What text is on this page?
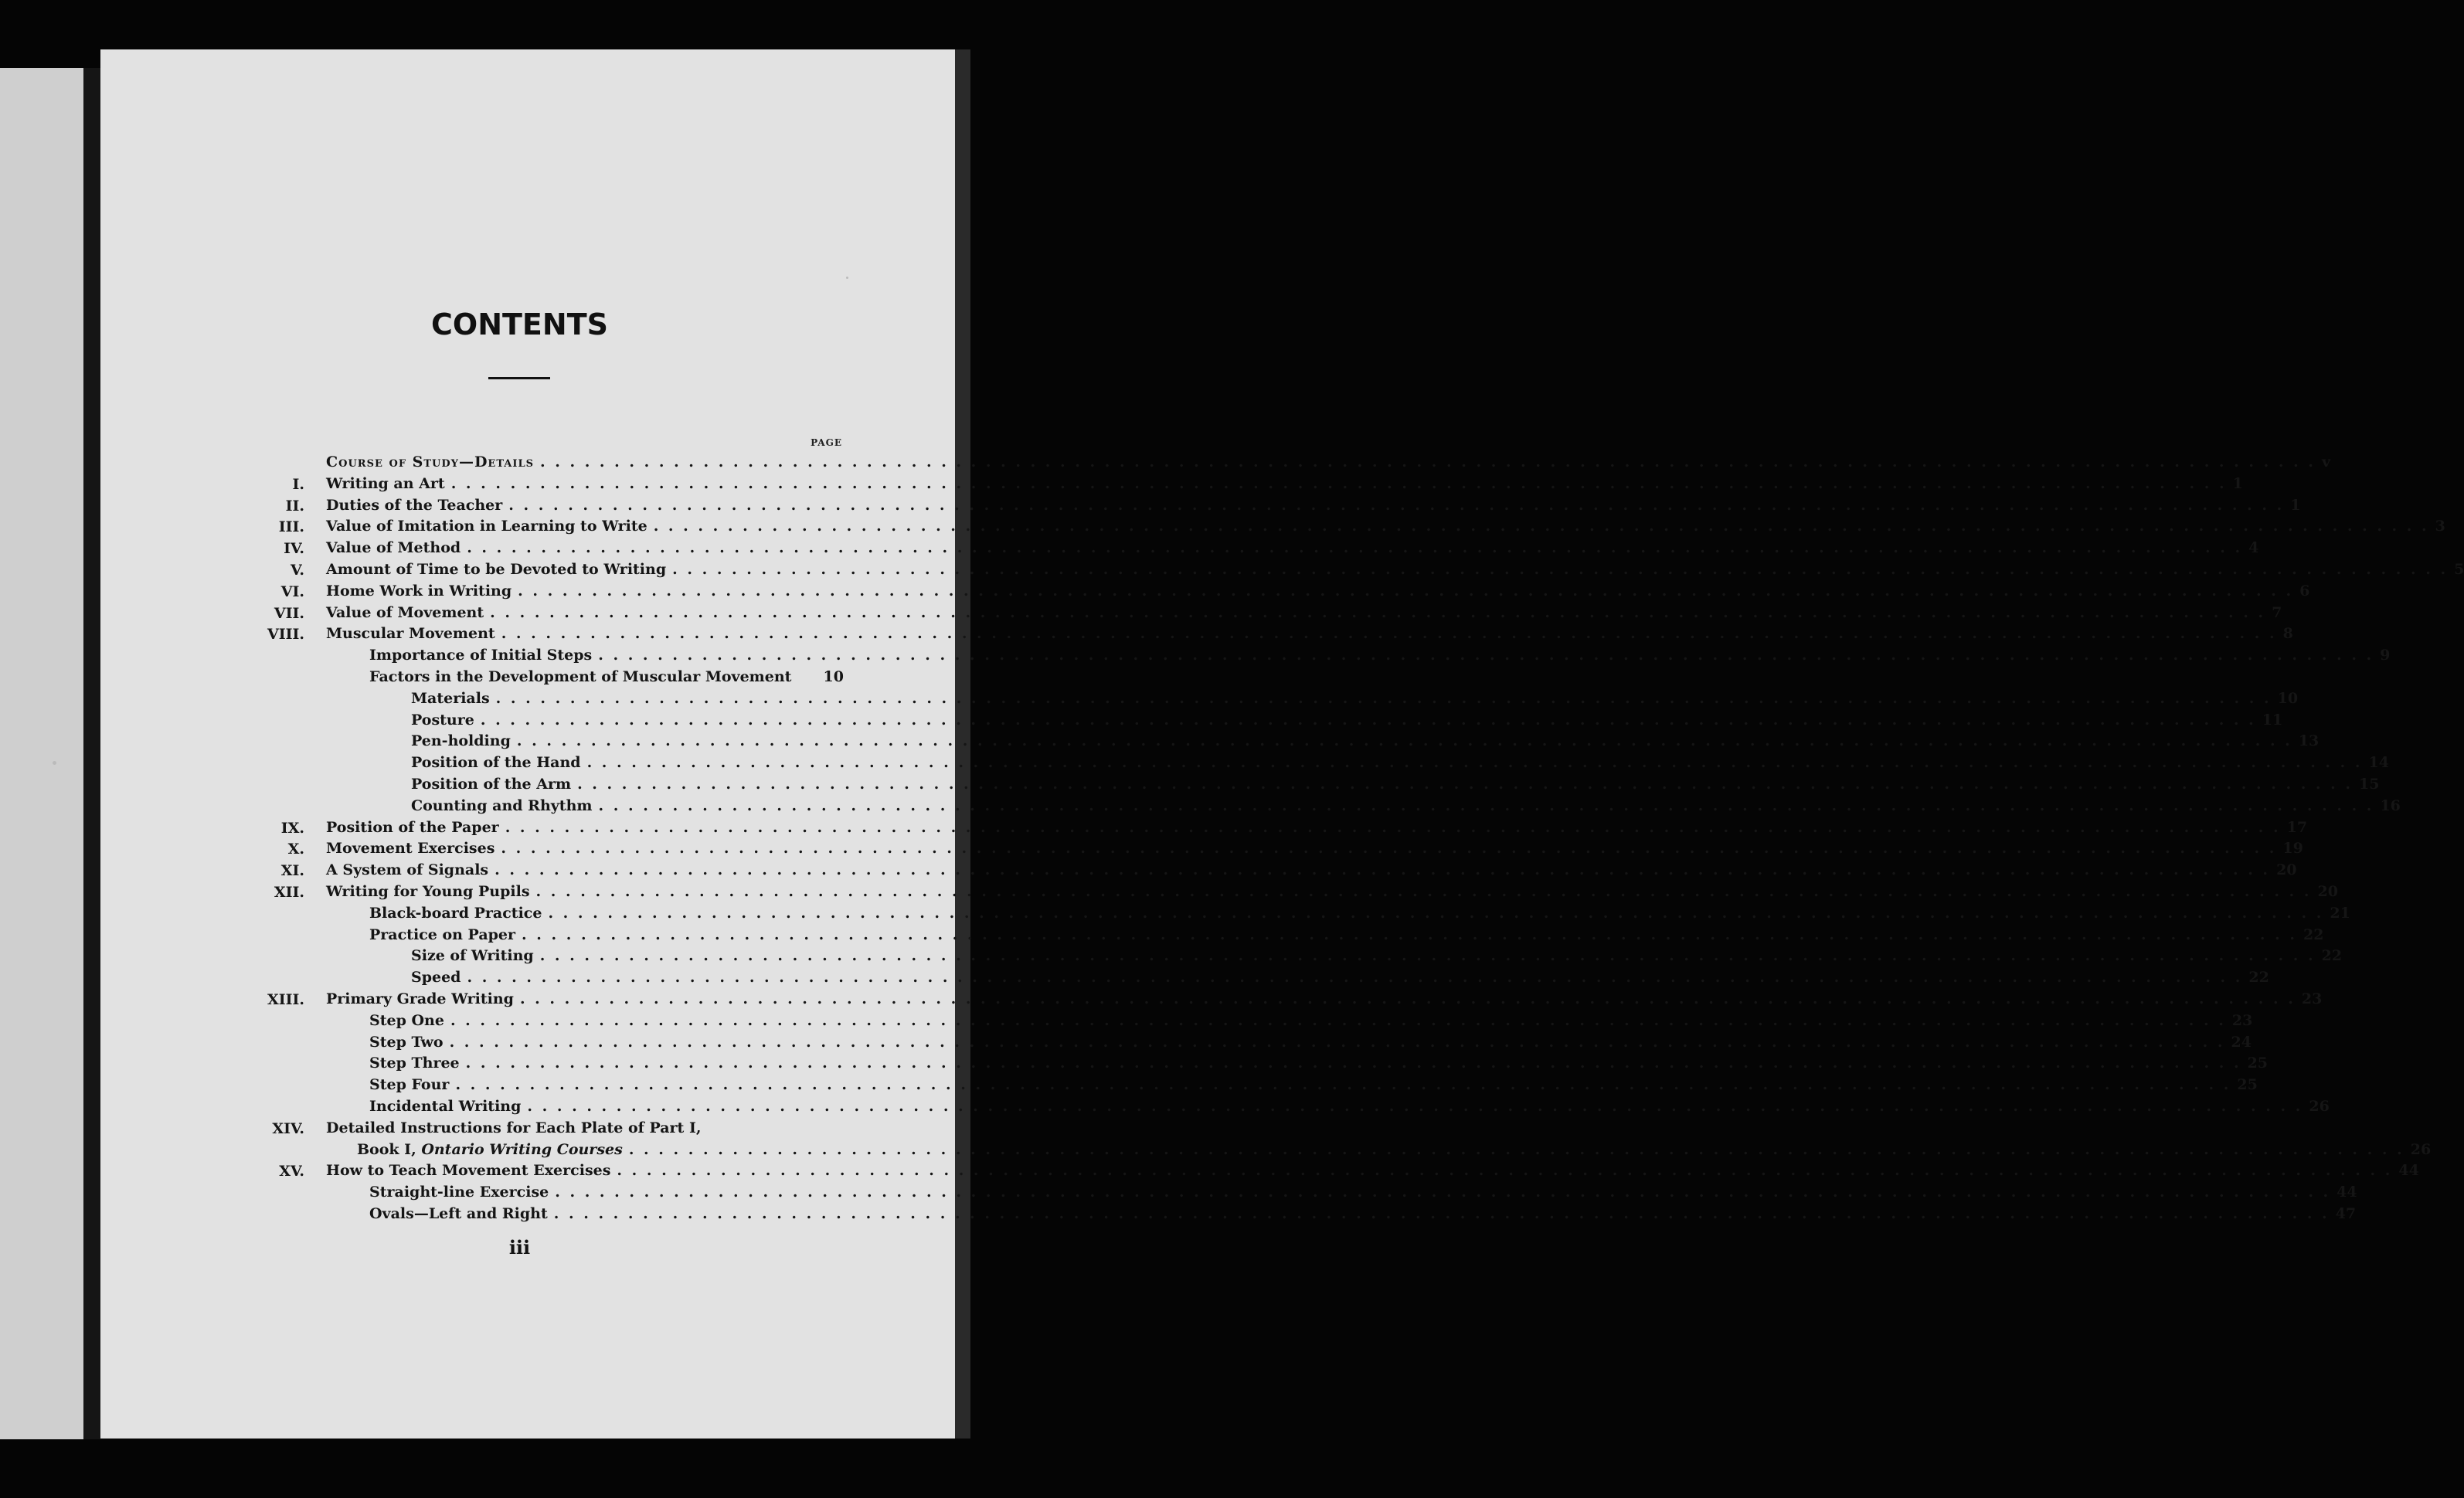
CONTENTS
PAGE
Course of Study—Details . . . . . . . . . . . . . . . . . . . . . . . . . . . . . . . . . . . . . . . . . . . . . . . . . . . . . . . . . . . . . . . . . . . . . . . . . . . . . . . . . . . . . . . . . . . . . . . . . . . . . . . . . . . . . . . . . . . . . . . . v
I. Writing an Art . . . . . . . . . . . . . . . . . . . . . . . . . . . . . . . . . . . . . . . . . . . . . . . . . . . . . . . . . . . . . . . . . . . . . . . . . . . . . . . . . . . . . . . . . . . . . . . . . . . . . . . . . . . . . . . . . . . . . . . . 1
II. Duties of the Teacher . . . . . . . . . . . . . . . . . . . . . . . . . . . . . . . . . . . . . . . . . . . . . . . . . . . . . . . . . . . . . . . . . . . . . . . . . . . . . . . . . . . . . . . . . . . . . . . . . . . . . . . . . . . . . . . . . . . . . . . . 1
III. Value of Imitation in Learning to Write . . . . . . . . . . . . . . . . . . . . . . . . . . . . . . . . . . . . . . . . . . . . . . . . . . . . . . . . . . . . . . . . . . . . . . . . . . . . . . . . . . . . . . . . . . . . . . . . . . . . . . . . . . . . . . . . . . . . . . . . 3
IV. Value of Method . . . . . . . . . . . . . . . . . . . . . . . . . . . . . . . . . . . . . . . . . . . . . . . . . . . . . . . . . . . . . . . . . . . . . . . . . . . . . . . . . . . . . . . . . . . . . . . . . . . . . . . . . . . . . . . . . . . . . . . . 4
V. Amount of Time to be Devoted to Writing . . . . . . . . . . . . . . . . . . . . . . . . . . . . . . . . . . . . . . . . . . . . . . . . . . . . . . . . . . . . . . . . . . . . . . . . . . . . . . . . . . . . . . . . . . . . . . . . . . . . . . . . . . . . . . . . . . . . . . . . 5
VI. Home Work in Writing . . . . . . . . . . . . . . . . . . . . . . . . . . . . . . . . . . . . . . . . . . . . . . . . . . . . . . . . . . . . . . . . . . . . . . . . . . . . . . . . . . . . . . . . . . . . . . . . . . . . . . . . . . . . . . . . . . . . . . . . 6
VII. Value of Movement . . . . . . . . . . . . . . . . . . . . . . . . . . . . . . . . . . . . . . . . . . . . . . . . . . . . . . . . . . . . . . . . . . . . . . . . . . . . . . . . . . . . . . . . . . . . . . . . . . . . . . . . . . . . . . . . . . . . . . . . 7
VIII. Muscular Movement . . . . . . . . . . . . . . . . . . . . . . . . . . . . . . . . . . . . . . . . . . . . . . . . . . . . . . . . . . . . . . . . . . . . . . . . . . . . . . . . . . . . . . . . . . . . . . . . . . . . . . . . . . . . . . . . . . . . . . . . 8
Importance of Initial Steps . . . . . . . . . . . . . . . . . . . . . . . . . . . . . . . . . . . . . . . . . . . . . . . . . . . . . . . . . . . . . . . . . . . . . . . . . . . . . . . . . . . . . . . . . . . . . . . . . . . . . . . . . . . . . . . . . . . . . . . . 9
Factors in the Development of Muscular Movement	10
Materials . . . . . . . . . . . . . . . . . . . . . . . . . . . . . . . . . . . . . . . . . . . . . . . . . . . . . . . . . . . . . . . . . . . . . . . . . . . . . . . . . . . . . . . . . . . . . . . . . . . . . . . . . . . . . . . . . . . . . . . . 10
Posture . . . . . . . . . . . . . . . . . . . . . . . . . . . . . . . . . . . . . . . . . . . . . . . . . . . . . . . . . . . . . . . . . . . . . . . . . . . . . . . . . . . . . . . . . . . . . . . . . . . . . . . . . . . . . . . . . . . . . . . . 11
Pen-holding . . . . . . . . . . . . . . . . . . . . . . . . . . . . . . . . . . . . . . . . . . . . . . . . . . . . . . . . . . . . . . . . . . . . . . . . . . . . . . . . . . . . . . . . . . . . . . . . . . . . . . . . . . . . . . . . . . . . . . . . 13
Position of the Hand . . . . . . . . . . . . . . . . . . . . . . . . . . . . . . . . . . . . . . . . . . . . . . . . . . . . . . . . . . . . . . . . . . . . . . . . . . . . . . . . . . . . . . . . . . . . . . . . . . . . . . . . . . . . . . . . . . . . . . . . 14
Position of the Arm . . . . . . . . . . . . . . . . . . . . . . . . . . . . . . . . . . . . . . . . . . . . . . . . . . . . . . . . . . . . . . . . . . . . . . . . . . . . . . . . . . . . . . . . . . . . . . . . . . . . . . . . . . . . . . . . . . . . . . . . 15
Counting and Rhythm . . . . . . . . . . . . . . . . . . . . . . . . . . . . . . . . . . . . . . . . . . . . . . . . . . . . . . . . . . . . . . . . . . . . . . . . . . . . . . . . . . . . . . . . . . . . . . . . . . . . . . . . . . . . . . . . . . . . . . . . 16
IX. Position of the Paper . . . . . . . . . . . . . . . . . . . . . . . . . . . . . . . . . . . . . . . . . . . . . . . . . . . . . . . . . . . . . . . . . . . . . . . . . . . . . . . . . . . . . . . . . . . . . . . . . . . . . . . . . . . . . . . . . . . . . . . . 17
X. Movement Exercises . . . . . . . . . . . . . . . . . . . . . . . . . . . . . . . . . . . . . . . . . . . . . . . . . . . . . . . . . . . . . . . . . . . . . . . . . . . . . . . . . . . . . . . . . . . . . . . . . . . . . . . . . . . . . . . . . . . . . . . . 19
XI. A System of Signals . . . . . . . . . . . . . . . . . . . . . . . . . . . . . . . . . . . . . . . . . . . . . . . . . . . . . . . . . . . . . . . . . . . . . . . . . . . . . . . . . . . . . . . . . . . . . . . . . . . . . . . . . . . . . . . . . . . . . . . . 20
XII. Writing for Young Pupils . . . . . . . . . . . . . . . . . . . . . . . . . . . . . . . . . . . . . . . . . . . . . . . . . . . . . . . . . . . . . . . . . . . . . . . . . . . . . . . . . . . . . . . . . . . . . . . . . . . . . . . . . . . . . . . . . . . . . . . . 20
Black-board Practice . . . . . . . . . . . . . . . . . . . . . . . . . . . . . . . . . . . . . . . . . . . . . . . . . . . . . . . . . . . . . . . . . . . . . . . . . . . . . . . . . . . . . . . . . . . . . . . . . . . . . . . . . . . . . . . . . . . . . . . . 21
Practice on Paper . . . . . . . . . . . . . . . . . . . . . . . . . . . . . . . . . . . . . . . . . . . . . . . . . . . . . . . . . . . . . . . . . . . . . . . . . . . . . . . . . . . . . . . . . . . . . . . . . . . . . . . . . . . . . . . . . . . . . . . . 22
Size of Writing . . . . . . . . . . . . . . . . . . . . . . . . . . . . . . . . . . . . . . . . . . . . . . . . . . . . . . . . . . . . . . . . . . . . . . . . . . . . . . . . . . . . . . . . . . . . . . . . . . . . . . . . . . . . . . . . . . . . . . . . 22
Speed . . . . . . . . . . . . . . . . . . . . . . . . . . . . . . . . . . . . . . . . . . . . . . . . . . . . . . . . . . . . . . . . . . . . . . . . . . . . . . . . . . . . . . . . . . . . . . . . . . . . . . . . . . . . . . . . . . . . . . . . 22
XIII. Primary Grade Writing . . . . . . . . . . . . . . . . . . . . . . . . . . . . . . . . . . . . . . . . . . . . . . . . . . . . . . . . . . . . . . . . . . . . . . . . . . . . . . . . . . . . . . . . . . . . . . . . . . . . . . . . . . . . . . . . . . . . . . . . 23
Step One . . . . . . . . . . . . . . . . . . . . . . . . . . . . . . . . . . . . . . . . . . . . . . . . . . . . . . . . . . . . . . . . . . . . . . . . . . . . . . . . . . . . . . . . . . . . . . . . . . . . . . . . . . . . . . . . . . . . . . . . 23
Step Two . . . . . . . . . . . . . . . . . . . . . . . . . . . . . . . . . . . . . . . . . . . . . . . . . . . . . . . . . . . . . . . . . . . . . . . . . . . . . . . . . . . . . . . . . . . . . . . . . . . . . . . . . . . . . . . . . . . . . . . . 24
Step Three . . . . . . . . . . . . . . . . . . . . . . . . . . . . . . . . . . . . . . . . . . . . . . . . . . . . . . . . . . . . . . . . . . . . . . . . . . . . . . . . . . . . . . . . . . . . . . . . . . . . . . . . . . . . . . . . . . . . . . . . 25
Step Four . . . . . . . . . . . . . . . . . . . . . . . . . . . . . . . . . . . . . . . . . . . . . . . . . . . . . . . . . . . . . . . . . . . . . . . . . . . . . . . . . . . . . . . . . . . . . . . . . . . . . . . . . . . . . . . . . . . . . . . . 25
Incidental Writing . . . . . . . . . . . . . . . . . . . . . . . . . . . . . . . . . . . . . . . . . . . . . . . . . . . . . . . . . . . . . . . . . . . . . . . . . . . . . . . . . . . . . . . . . . . . . . . . . . . . . . . . . . . . . . . . . . . . . . . . 26
XIV. Detailed Instructions for Each Plate of Part I,
Book I, Ontario Writing Courses . . . . . . . . . . . . . . . . . . . . . . . . . . . . . . . . . . . . . . . . . . . . . . . . . . . . . . . . . . . . . . . . . . . . . . . . . . . . . . . . . . . . . . . . . . . . . . . . . . . . . . . . . . . . . . . . . . . . . . . . 26
XV. How to Teach Movement Exercises . . . . . . . . . . . . . . . . . . . . . . . . . . . . . . . . . . . . . . . . . . . . . . . . . . . . . . . . . . . . . . . . . . . . . . . . . . . . . . . . . . . . . . . . . . . . . . . . . . . . . . . . . . . . . . . . . . . . . . . . 44
Straight-line Exercise . . . . . . . . . . . . . . . . . . . . . . . . . . . . . . . . . . . . . . . . . . . . . . . . . . . . . . . . . . . . . . . . . . . . . . . . . . . . . . . . . . . . . . . . . . . . . . . . . . . . . . . . . . . . . . . . . . . . . . . . 44
Ovals—Left and Right . . . . . . . . . . . . . . . . . . . . . . . . . . . . . . . . . . . . . . . . . . . . . . . . . . . . . . . . . . . . . . . . . . . . . . . . . . . . . . . . . . . . . . . . . . . . . . . . . . . . . . . . . . . . . . . . . . . . . . . . 47
iii
